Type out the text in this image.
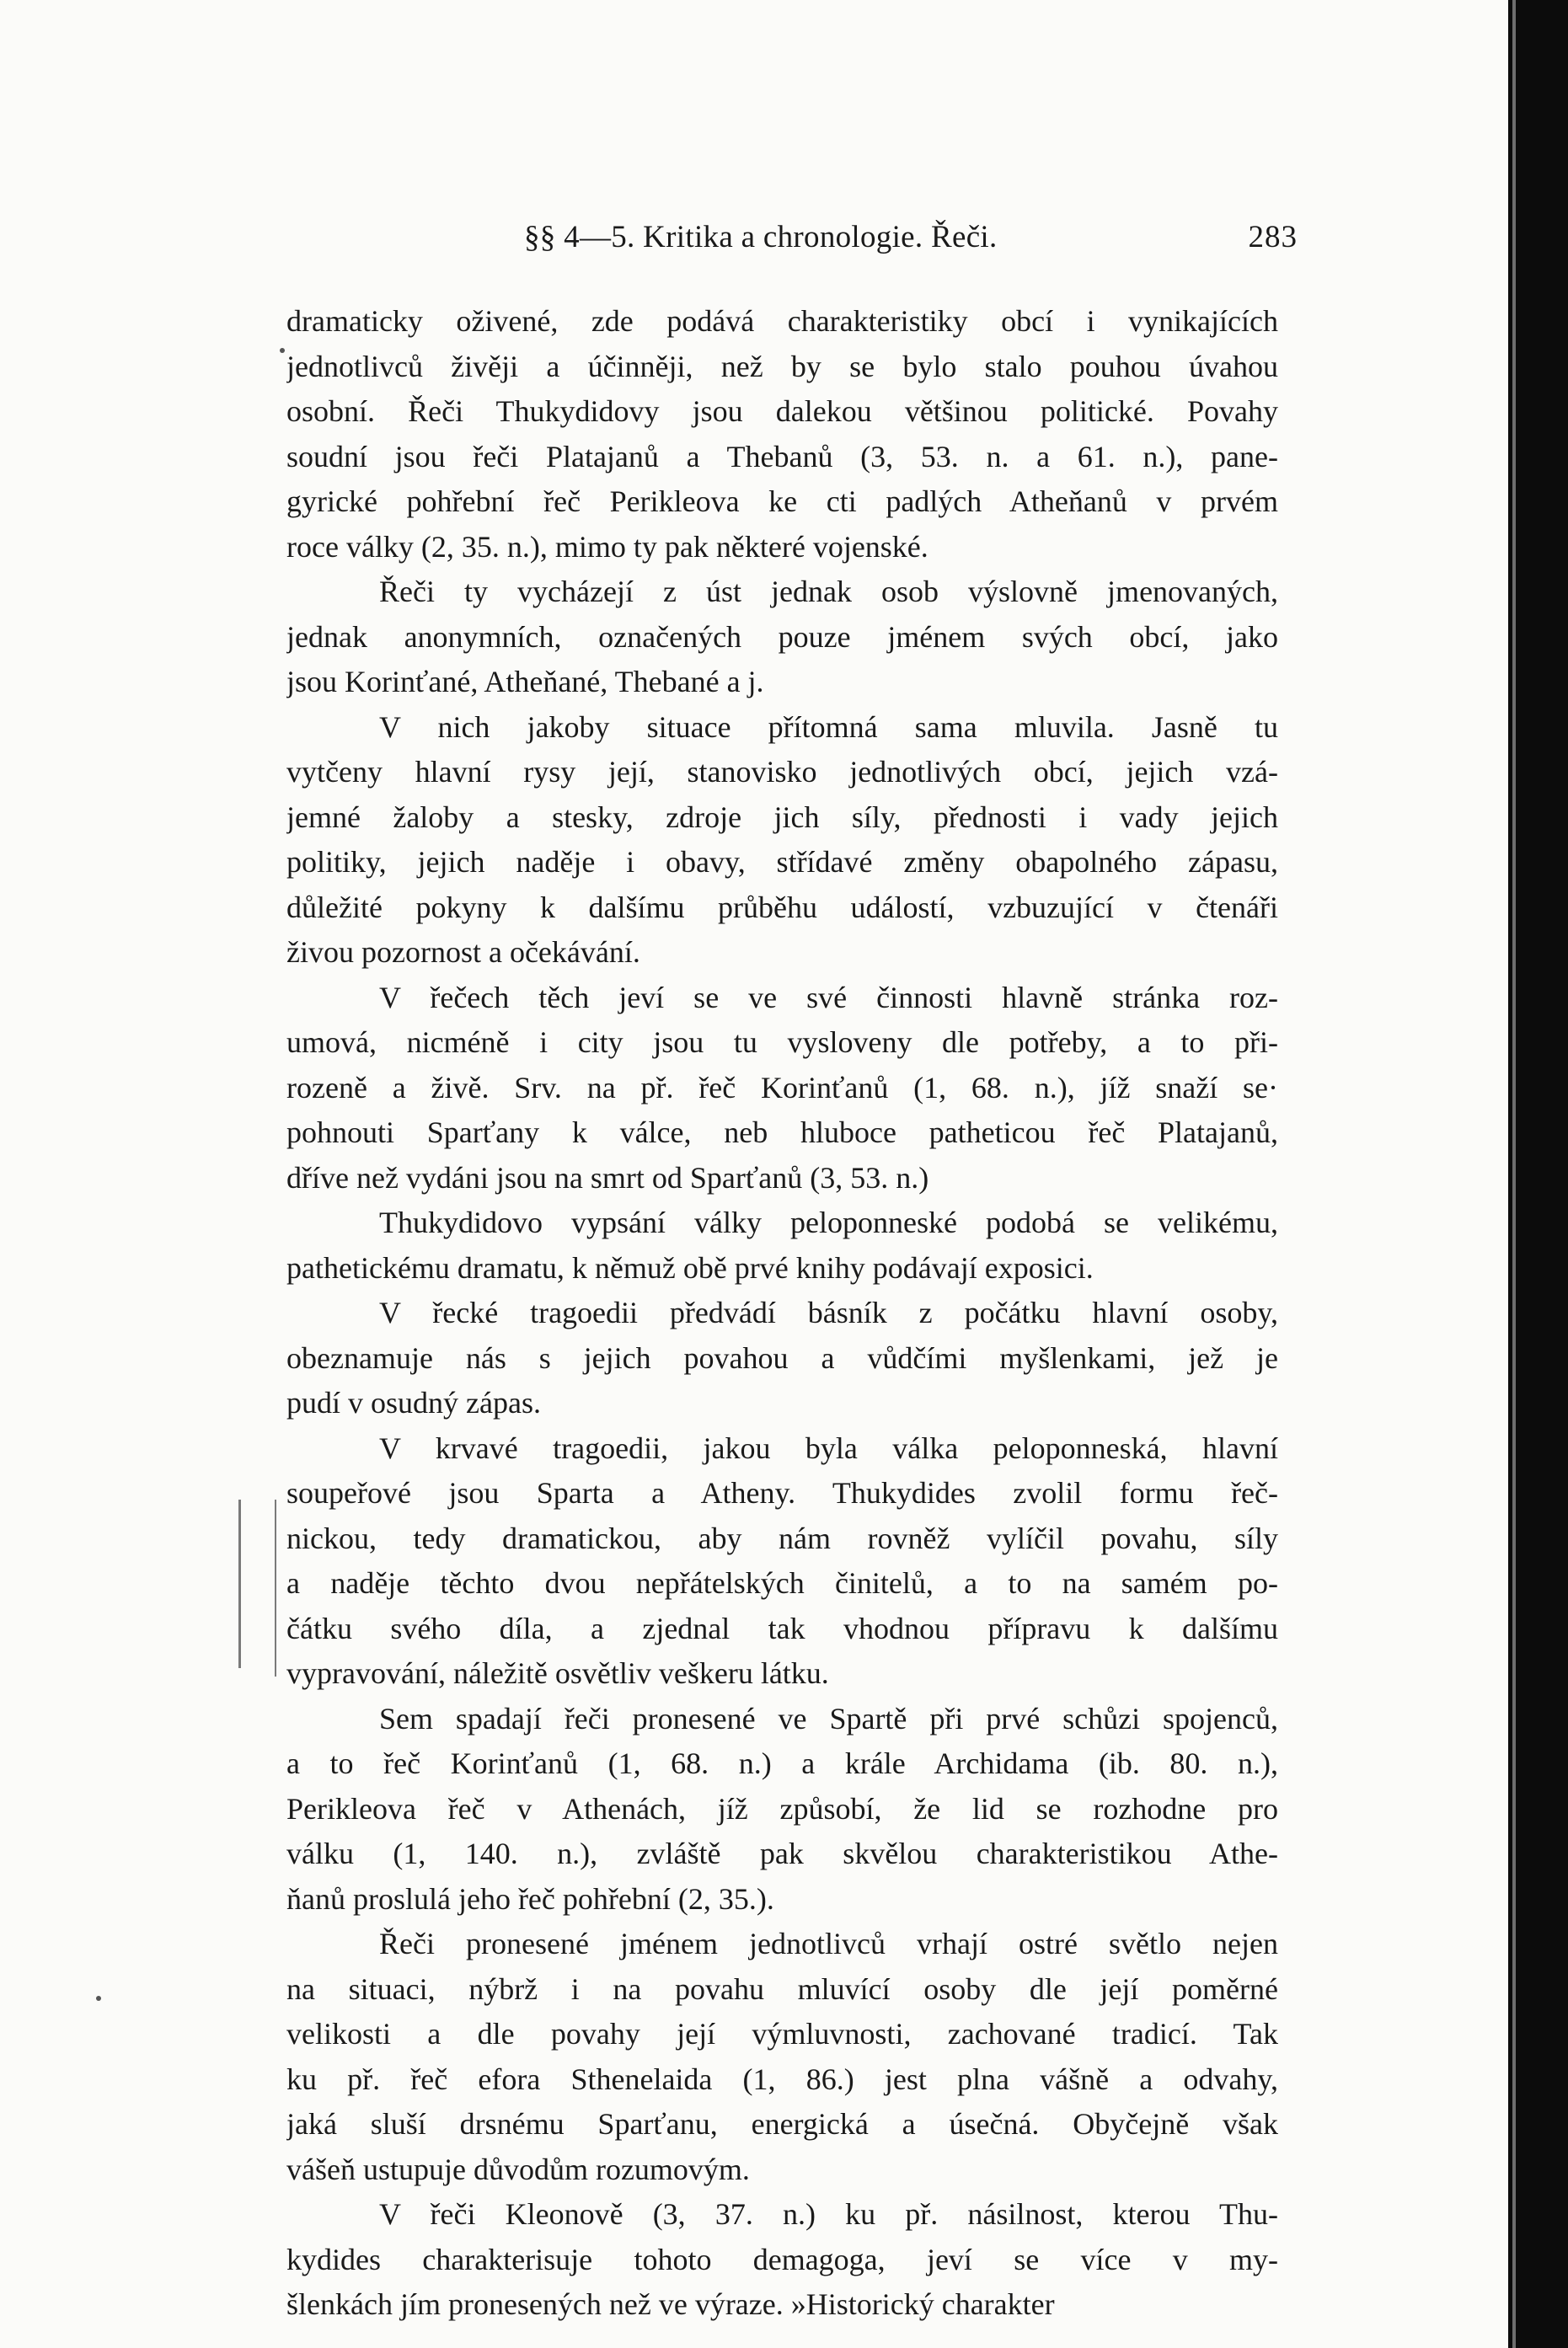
§§ 4—5. Kritika a chronologie. Řeči.	283
dramaticky oživené, zde podává charakteristiky obcí i vynikajících
jednotlivců živěji a účinněji, než by se bylo stalo pouhou úvahou
osobní. Řeči Thukydidovy jsou dalekou většinou politické. Povahy
soudní jsou řeči Platajanů a Thebanů (3, 53. n. a 61. n.), pane-
gyrické pohřební řeč Perikleova ke cti padlých Atheňanů v prvém
roce války (2, 35. n.), mimo ty pak některé vojenské.
Řeči ty vycházejí z úst jednak osob výslovně jmenovaných,
jednak anonymních, označených pouze jménem svých obcí, jako
jsou Korinťané, Atheňané, Thebané a j.
V nich jakoby situace přítomná sama mluvila. Jasně tu
vytčeny hlavní rysy její, stanovisko jednotlivých obcí, jejich vzá-
jemné žaloby a stesky, zdroje jich síly, přednosti i vady jejich
politiky, jejich naděje i obavy, střídavé změny obapolného zápasu,
důležité pokyny k dalšímu průběhu událostí, vzbuzující v čtenáři
živou pozornost a očekávání.
V řečech těch jeví se ve své činnosti hlavně stránka roz-
umová, nicméně i city jsou tu vysloveny dle potřeby, a to při-
rozeně a živě. Srv. na př. řeč Korinťanů (1, 68. n.), jíž snaží se·
pohnouti Sparťany k válce, neb hluboce patheticou řeč Platajanů,
dříve než vydáni jsou na smrt od Sparťanů (3, 53. n.)
Thukydidovo vypsání války peloponneské podobá se velikému,
pathetickému dramatu, k němuž obě prvé knihy podávají exposici.
V řecké tragoedii předvádí básník z počátku hlavní osoby,
obeznamuje nás s jejich povahou a vůdčími myšlenkami, jež je
pudí v osudný zápas.
V krvavé tragoedii, jakou byla válka peloponneská, hlavní
soupeřové jsou Sparta a Atheny. Thukydides zvolil formu řeč-
nickou, tedy dramatickou, aby nám rovněž vylíčil povahu, síly
a naděje těchto dvou nepřátelských činitelů, a to na samém po-
čátku svého díla, a zjednal tak vhodnou přípravu k dalšímu
vypravování, náležitě osvětliv veškeru látku.
Sem spadají řeči pronesené ve Spartě při prvé schůzi spojenců,
a to řeč Korinťanů (1, 68. n.) a krále Archidama (ib. 80. n.),
Perikleova řeč v Athenách, jíž způsobí, že lid se rozhodne pro
válku (1, 140. n.), zvláště pak skvělou charakteristikou Athe-
ňanů proslulá jeho řeč pohřební (2, 35.).
Řeči pronesené jménem jednotlivců vrhají ostré světlo nejen
na situaci, nýbrž i na povahu mluvící osoby dle její poměrné
velikosti a dle povahy její výmluvnosti, zachované tradicí. Tak
ku př. řeč efora Sthenelaida (1, 86.) jest plna vášně a odvahy,
jaká sluší drsnému Sparťanu, energická a úsečná. Obyčejně však
vášeň ustupuje důvodům rozumovým.
V řeči Kleonově (3, 37. n.) ku př. násilnost, kterou Thu-
kydides charakterisuje tohoto demagoga, jeví se více v my-
šlenkách jím pronesených než ve výraze. »Historický charakter
